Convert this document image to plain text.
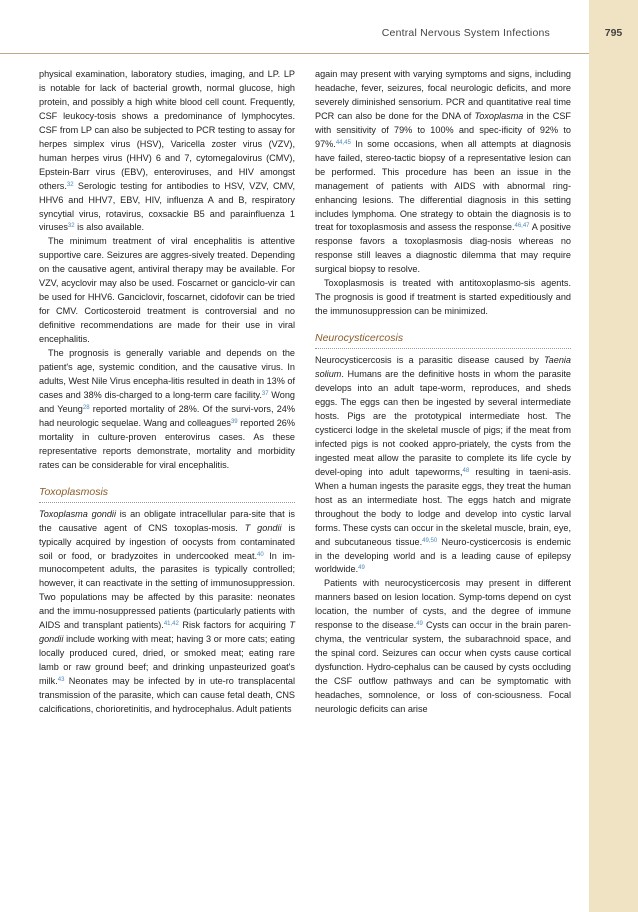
Central Nervous System Infections	795

physical examination, laboratory studies, imaging, and LP. LP is notable for lack of bacterial growth, normal glucose, high protein, and possibly a high white blood cell count. Frequently, CSF leukocy-tosis shows a predominance of lymphocytes. CSF from LP can also be subjected to PCR testing to assay for herpes simplex virus (HSV), Varicella zoster virus (VZV), human herpes virus (HHV) 6 and 7, cytomegalovirus (CMV), Epstein-Barr virus (EBV), enteroviruses, and HIV amongst others.$^{32}$ Serologic testing for antibodies to HSV, VZV, CMV, HHV6 and HHV7, EBV, HIV, influenza A and B, respiratory syncytial virus, rotavirus, coxsackie B5 and parainfluenza 1 viruses$^{32}$ is also available.

The minimum treatment of viral encephalitis is attentive supportive care. Seizures are aggres-sively treated. Depending on the causative agent, antiviral therapy may be available. For VZV, acyclovir may also be used. Foscarnet or ganciclo-vir can be used for HHV6. Ganciclovir, foscarnet, cidofovir can be tried for CMV. Corticosteroid treatment is controversial and no definitive recommendations are made for their use in viral encephalitis.

The prognosis is generally variable and depends on the patient's age, systemic condition, and the causative virus. In adults, West Nile Virus encepha-litis resulted in death in 13% of cases and 38% dis-charged to a long-term care facility.$^{37}$ Wong and Yeung$^{28}$ reported mortality of 28%. Of the survi-vors, 24% had neurologic sequelae. Wang and colleagues$^{39}$ reported 26% mortality in culture-proven enterovirus cases. As these representative reports demonstrate, mortality and morbidity rates can be considerable for viral encephalitis.

Toxoplasmosis

Toxoplasma gondii is an obligate intracellular para-site that is the causative agent of CNS toxoplas-mosis. T gondii is typically acquired by ingestion of oocysts from contaminated soil or food, or bradyzoites in undercooked meat.$^{40}$ In im-munocompetent adults, the parasites is typically controlled; however, it can reactivate in the setting of immunosuppression. Two populations may be affected by this parasite: neonates and the immu-nosuppressed patients (particularly patients with AIDS and transplant patients).$^{41,42}$ Risk factors for acquiring T gondii include working with meat; having 3 or more cats; eating locally produced cured, dried, or smoked meat; eating rare lamb or raw ground beef; and drinking unpasteurized goat's milk.$^{43}$ Neonates may be infected by in ute-ro transplacental transmission of the parasite, which can cause fetal death, CNS calcifications, chorioretinitis, and hydrocephalus. Adult patients

again may present with varying symptoms and signs, including headache, fever, seizures, focal neurologic deficits, and more severely diminished sensorium. PCR and quantitative real time PCR can also be done for the DNA of Toxoplasma in the CSF with sensitivity of 79% to 100% and spec-ificity of 92% to 97%.$^{44,45}$ In some occasions, when all attempts at diagnosis have failed, stereo-tactic biopsy of a representative lesion can be performed. This procedure has been an issue in the management of patients with AIDS with abnormal ring-enhancing lesions. The differential diagnosis in this setting includes lymphoma. One strategy to obtain the diagnosis is to treat for toxoplasmosis and assess the response.$^{46,47}$ A positive response favors a toxoplasmosis diag-nosis whereas no response still leaves a diagnostic dilemma that may require surgical biopsy to resolve.

Toxoplasmosis is treated with antitoxoplasmo-sis agents. The prognosis is good if treatment is started expeditiously and the immunosuppression can be minimized.

Neurocysticercosis

Neurocysticercosis is a parasitic disease caused by Taenia solium. Humans are the definitive hosts in whom the parasite develops into an adult tape-worm, reproduces, and sheds eggs. The eggs can then be ingested by several intermediate hosts. Pigs are the prototypical intermediate host. The cysticerci lodge in the skeletal muscle of pigs; if the meat from infected pigs is not cooked appro-priately, the cysts from the ingested meat allow the parasite to complete its life cycle by devel-oping into adult tapeworms,$^{48}$ resulting in taeni-asis. When a human ingests the parasite eggs, they treat the human host as an intermediate host. The eggs hatch and migrate throughout the body to lodge and develop into cystic larval forms. These cysts can occur in the skeletal muscle, brain, eye, and subcutaneous tissue.$^{49,50}$ Neuro-cysticercosis is endemic in the developing world and is a leading cause of epilepsy worldwide.$^{49}$

Patients with neurocysticercosis may present in different manners based on lesion location. Symp-toms depend on cyst location, the number of cysts, and the degree of immune response to the disease.$^{49}$ Cysts can occur in the brain paren-chyma, the ventricular system, the subarachnoid space, and the spinal cord. Seizures can occur when cysts cause cortical dysfunction. Hydro-cephalus can be caused by cysts occluding the CSF outflow pathways and can be symptomatic with headaches, somnolence, or loss of con-sciousness. Focal neurologic deficits can arise
